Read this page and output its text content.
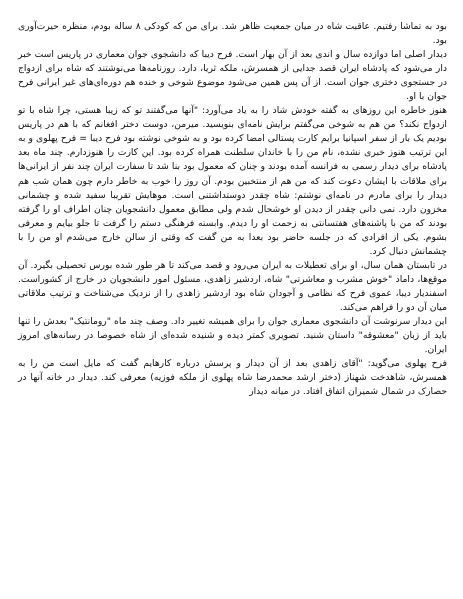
بود به تماشا رفتیم. عاقبت شاه در میان جمعیت ظاهر شد. برای من که کودکی ۸ ساله بودم، منظره حیرت‌آوری بود.

دیدار اصلی اما دوازده سال و اندی بعد از آن بهار است. فرح دیبا که دانشجوی جوان معماری در پاریس است خبر دار می‌شود که پادشاه ایران قصد جدایی از همسرش، ملکه ثریا، دارد. روزنامه‌ها می‌نوشتند که شاه برای ازدواج در جستجوی دختری جوان است. از آن پس همین می‌شود موضوع شوخی و خنده هم دوره‌ای‌های غیر ایرانی فرح جوان با او.

هنوز خاطره این روزهای به گفته خودش شاد را به یاد می‌آورد: "آنها می‌گفتند تو که زیبا هستی، چرا شاه با تو ازدواج نکند؟ من هم به شوخی می‌گفتم برایش نامه‌ای بنویسید. میرمن، دوست دختر افغانم که با هم در پاریس بودیم یک بار از سفر اسپانیا برایم کارت پستالی امضا کرده بود و به شوخی نوشته بود فرح دیبا = فرح پهلوی و به این ترتیب هنوز خبری نشده، نام من را با خاندان سلطنت همراه کرده بود. این کارت را هنوزدارم. چند ماه بعد پادشاه برای دیدار رسمی به فرانسه آمده بودند و چنان که معمول بود بنا شد تا سفارت ایران چند نفر از ایرانی‌ها برای ملاقات با ایشان دعوت کند که من هم از منتخبین بودم. آن روز را خوب به خاطر دارم چون همان شب هم دیدار را برای مادرم در نامه‌ای نوشتم: شاه چقدر دوستداشتنی است. موهایش تقریبا سفید شده و چشمانی مخزون دارد. نمی دانی چقدر از دیدن او خوشحال شدم ولی مطابق معمول دانشجویان چنان اطراف او را گرفته بودند که من با پاشنه‌های هفتسانتی به زحمت او را دیدم. وابسته فرهنگی دستم را گرفت تا جلو بیایم و معرفی بشوم. یکی از افرادی که در جلسه حاضر بود بعدا به من گفت که وقتی از سالن خارج می‌شدم او من را با چشمانش دنبال کرد.

در تابستان همان سال، او برای تعطیلات به ایران می‌رود و قصد می‌کند تا هر طور شده بورس تحصیلی بگیرد. آن موقع‌ها، داماد "خوش مشرب و معاشرتی" شاه، اردشیر زاهدی، مسئول امور دانشجویان در خارج از کشوراست. اسفندیار دیبا، عموی فرح که نظامی و آجودان شاه بود اردشیر زاهدی را از نزدیک می‌شناخت و ترتیب ملاقاتی میان آن دو را فراهم می‌کند.

این دیدار سرنوشت آن دانشجوی معماری جوان را برای همیشه تغییر داد. وصف چند ماه "رومانتیک" بعدش را تنها باید از زبان "معشوقه" داستان شنید. تصویری کمتر دیده و شنیده شده‌ای از شاه خصوصا در رسانه‌های امروز ایران.

فرح پهلوی می‌گوید: "آقای زاهدی بعد از آن دیدار و پرسش درباره کارهایم گفت که مایل است من را به همسرش، شاهدخت شهناز (دختر ارشد محمدرضا شاه پهلوی از ملکه فوزیه) معرفی کند. دیدار در خانه آنها در حصارک در شمال شمیران اتفاق افتاد. در میانه دیدار
